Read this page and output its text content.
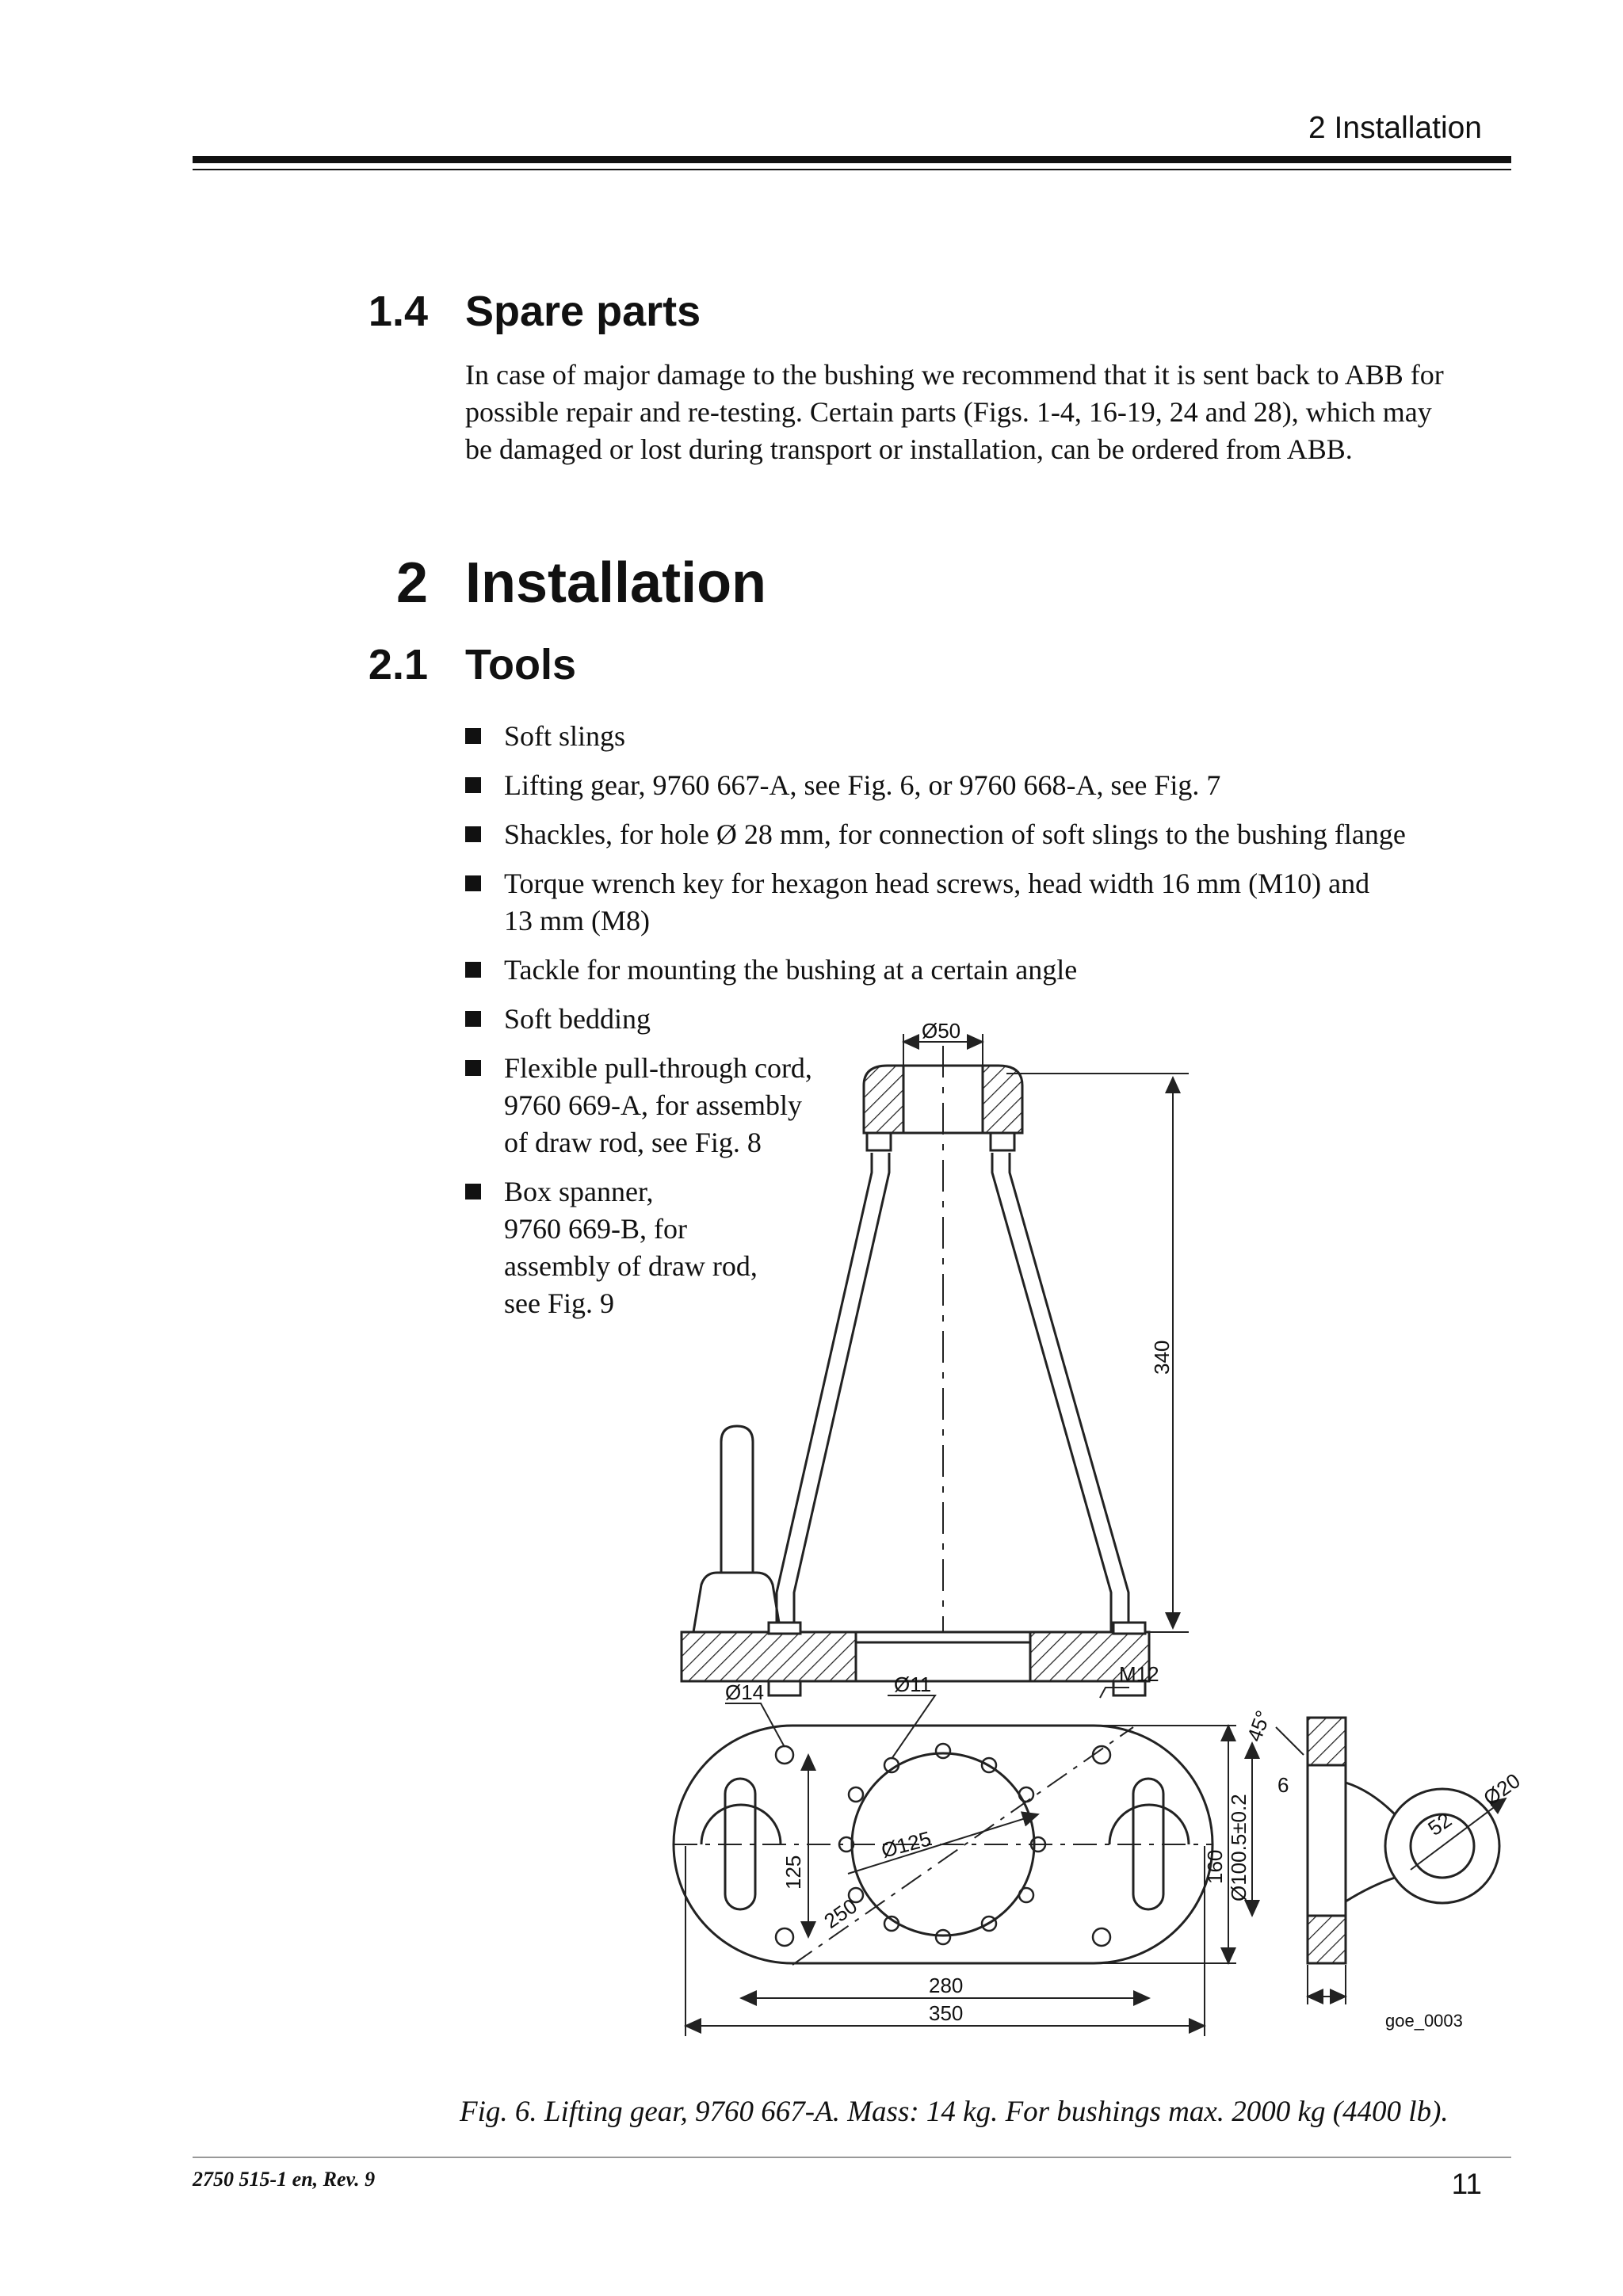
2 Installation
1.4 Spare parts
In case of major damage to the bushing we recommend that it is sent back to ABB for
possible repair and re-testing. Certain parts (Figs. 1-4, 16-19, 24 and 28), which may
be damaged or lost during transport or installation, can be ordered from ABB.
2 Installation
2.1 Tools
Soft slings
Lifting gear, 9760 667-A, see Fig. 6, or 9760 668-A, see Fig. 7
Shackles, for hole Ø 28 mm, for connection of soft slings to the bushing flange
Torque wrench key for hexagon head screws, head width 16 mm (M10) and
13 mm (M8)
Tackle for mounting the bushing at a certain angle
Soft bedding
Flexible pull-through cord,
9760 669-A, for assembly
of draw rod, see Fig. 8
Box spanner,
9760 669-B, for
assembly of draw rod,
see Fig. 9
Ø50
340
M12
Ø14	Ø11
Ø125
250
125
280
350
160 Ø100.5±0.2
45°
6
52
Ø20
goe_0003
Fig. 6. Lifting gear, 9760 667-A. Mass: 14 kg. For bushings max. 2000 kg (4400 lb).
2750 515-1 en, Rev. 9	11
